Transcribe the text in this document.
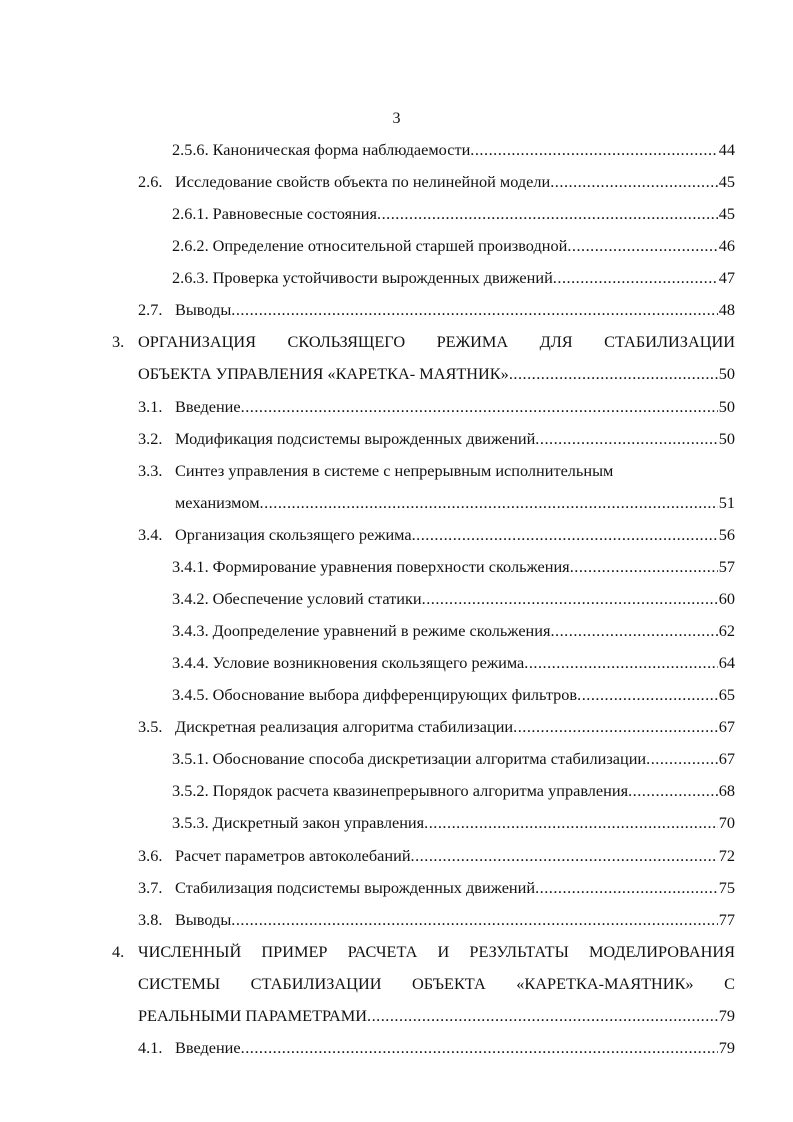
3
2.5.6. Каноническая форма наблюдаемости .....	44
2.6. Исследование свойств объекта по нелинейной модели .....	45
2.6.1. Равновесные состояния .....	45
2.6.2. Определение относительной старшей производной .....	46
2.6.3. Проверка устойчивости вырожденных движений .....	47
2.7. Выводы .....	48
3. ОРГАНИЗАЦИЯ СКОЛЬЗЯЩЕГО РЕЖИМА ДЛЯ СТАБИЛИЗАЦИИ
ОБЪЕКТА УПРАВЛЕНИЯ «КАРЕТКА- МАЯТНИК» .....	50
3.1. Введение .....	50
3.2. Модификация подсистемы вырожденных движений .....	50
3.3. Синтез управления в системе с непрерывным исполнительным
механизмом .....	51
3.4. Организация скользящего режима .....	56
3.4.1. Формирование уравнения поверхности скольжения .....	57
3.4.2. Обеспечение условий статики .....	60
3.4.3. Доопределение уравнений в режиме скольжения .....	62
3.4.4. Условие возникновения скользящего режима .....	64
3.4.5. Обоснование выбора дифференцирующих фильтров .....	65
3.5. Дискретная реализация алгоритма стабилизации .....	67
3.5.1. Обоснование способа дискретизации алгоритма стабилизации .....	67
3.5.2. Порядок расчета квазинепрерывного алгоритма управления .....	68
3.5.3. Дискретный закон управления .....	70
3.6. Расчет параметров автоколебаний .....	72
3.7. Стабилизация подсистемы вырожденных движений .....	75
3.8. Выводы .....	77
4. ЧИСЛЕННЫЙ ПРИМЕР РАСЧЕТА И РЕЗУЛЬТАТЫ МОДЕЛИРОВАНИЯ
СИСТЕМЫ СТАБИЛИЗАЦИИ ОБЪЕКТА «КАРЕТКА-МАЯТНИК» С
РЕАЛЬНЫМИ ПАРАМЕТРАМИ .....	79
4.1. Введение .....	79
